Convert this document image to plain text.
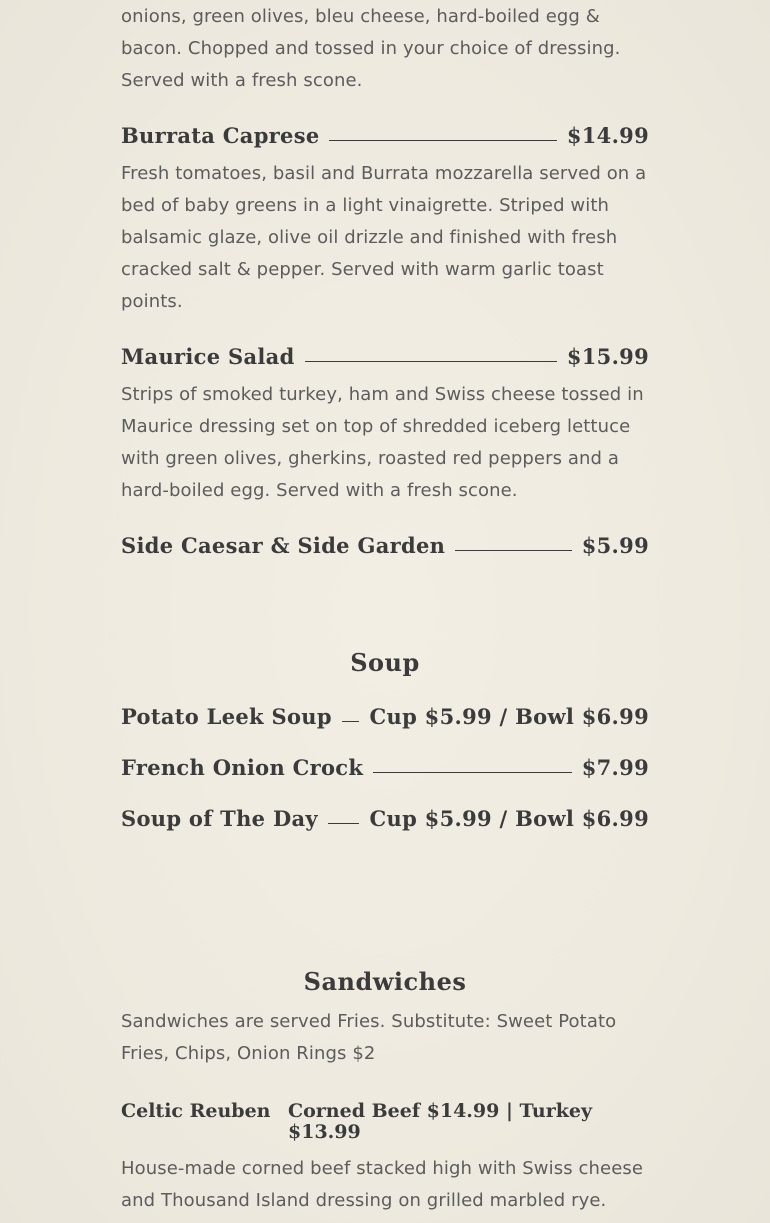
onions, green olives, bleu cheese, hard-boiled egg & bacon. Chopped and tossed in your choice of dressing. Served with a fresh scone.

Burrata Caprese	$14.99

Fresh tomatoes, basil and Burrata mozzarella served on a bed of baby greens in a light vinaigrette. Striped with balsamic glaze, olive oil drizzle and finished with fresh cracked salt & pepper. Served with warm garlic toast points.

Maurice Salad	$15.99

Strips of smoked turkey, ham and Swiss cheese tossed in Maurice dressing set on top of shredded iceberg lettuce with green olives, gherkins, roasted red peppers and a hard-boiled egg. Served with a fresh scone.

Side Caesar & Side Garden	$5.99
Soup
Potato Leek Soup Cup $5.99 / Bowl $6.99
French Onion Crock	$7.99
Soup of The Day Cup $5.99 / Bowl $6.99
Sandwiches

Sandwiches are served Fries. Substitute: Sweet Potato Fries, Chips, Onion Rings $2

Celtic Reuben Corned Beef $14.99 | Turkey $13.99

House-made corned beef stacked high with Swiss cheese and Thousand Island dressing on grilled marbled rye.
